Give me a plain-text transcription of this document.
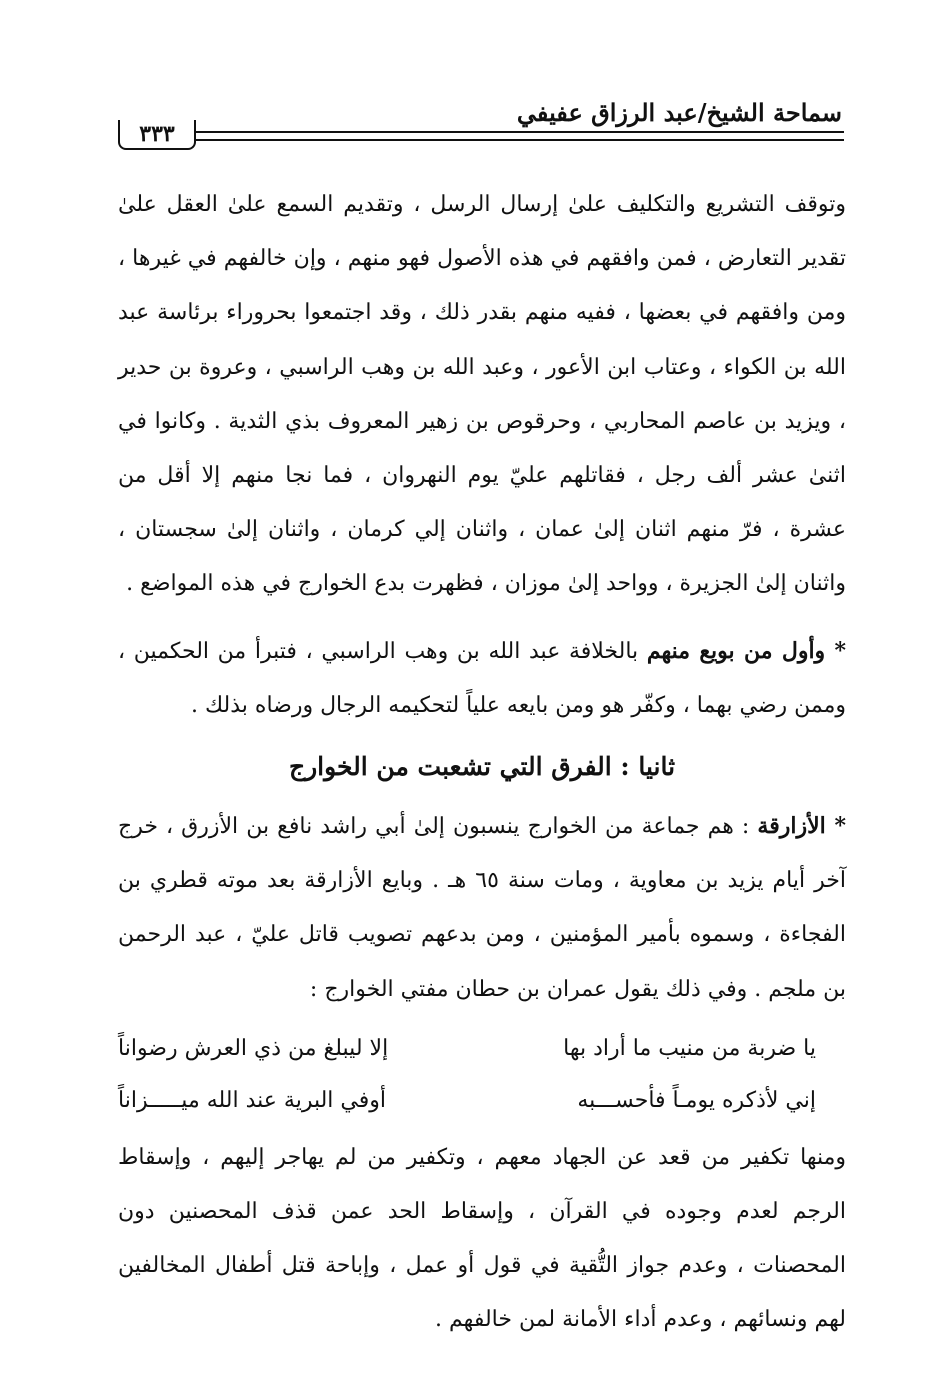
سماحة الشيخ/عبد الرزاق عفيفي
٣٣٣

وتوقف التشريع والتكليف علىٰ إرسال الرسل ، وتقديم السمع علىٰ العقل علىٰ تقدير التعارض ، فمن وافقهم في هذه الأصول فهو منهم ، وإن خالفهم في غيرها ، ومن وافقهم في بعضها ، ففيه منهم بقدر ذلك ، وقد اجتمعوا بحروراء برئاسة عبد الله بن الكواء ، وعتاب ابن الأعور ، وعبد الله بن وهب الراسبي ، وعروة بن حدير ، ويزيد بن عاصم المحاربي ، وحرقوص بن زهير المعروف بذي الثدية . وكانوا في اثنىٰ عشر ألف رجل ، فقاتلهم عليّ يوم النهروان ، فما نجا منهم إلا أقل من عشرة ، فرّ منهم اثنان إلىٰ عمان ، واثنان إلي كرمان ، واثنان إلىٰ سجستان ، واثنان إلىٰ الجزيرة ، وواحد إلىٰ موزان ، فظهرت بدع الخوارج في هذه المواضع .

* وأول من بويع منهم بالخلافة عبد الله بن وهب الراسبي ، فتبرأ من الحكمين ، وممن رضي بهما ، وكفّر هو ومن بايعه علياً لتحكيمه الرجال ورضاه بذلك .

ثانيا : الفرق التي تشعبت من الخوارج

* الأزارقة : هم جماعة من الخوارج ينسبون إلىٰ أبي راشد نافع بن الأزرق ، خرج آخر أيام يزيد بن معاوية ، ومات سنة ٦٥ هـ . وبايع الأزارقة بعد موته قطري بن الفجاءة ، وسموه بأمير المؤمنين ، ومن بدعهم تصويب قاتل عليّ ، عبد الرحمن بن ملجم . وفي ذلك يقول عمران بن حطان مفتي الخوارج :

يا ضربة من منيب ما أراد بها
إلا ليبلغ من ذي العرش رضواناً
إني لأذكره يومـاً فأحســـبه
أوفي البرية عند الله ميـــــزاناً

ومنها تكفير من قعد عن الجهاد معهم ، وتكفير من لم يهاجر إليهم ، وإسقاط الرجم لعدم وجوده في القرآن ، وإسقاط الحد عمن قذف المحصنين دون المحصنات ، وعدم جواز التُّقية في قول أو عمل ، وإباحة قتل أطفال المخالفين لهم ونسائهم ، وعدم أداء الأمانة لمن خالفهم .
